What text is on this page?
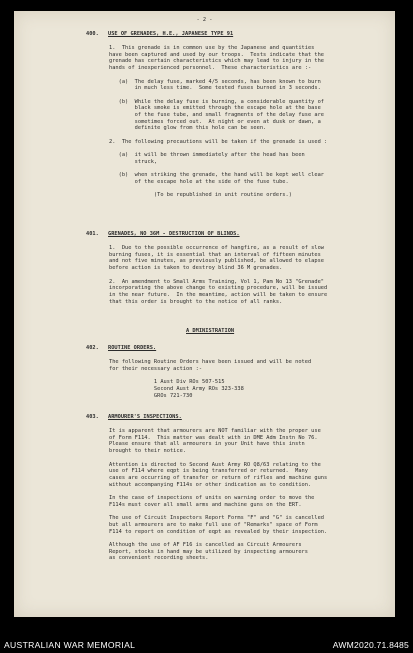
- 2 -
400. USE OF GRENADES, H.E., JAPANESE TYPE 91
1.  This grenade is in common use by the Japanese and quantities
have been captured and used by our troops.  Tests indicate that the
grenade has certain characteristics which may lead to injury in the
hands of inexperienced personnel.  These characteristics are :-

(a)  The delay fuse, marked 4/5 seconds, has been known to burn
in much less time.  Some tested fuses burned in 3 seconds.

(b)  While the delay fuse is burning, a considerable quantity of
black smoke is emitted through the escape hole at the base
of the fuse tube, and small fragments of the delay fuse are
sometimes forced out.  At night or even at dusk or dawn, a
definite glow from this hole can be seen.

2.  The following precautions will be taken if the grenade is used :

(a)  it will be thrown immediately after the head has been
struck,

(b)  when striking the grenade, the hand will be kept well clear
of the escape hole at the side of the fuse tube.

(To be republished in unit routine orders.)
401. GRENADES, NO 36M - DESTRUCTION OF BLINDS.
1.  Due to the possible occurrence of hangfire, as a result of slow
burning fuses, it is essential that an interval of fifteen minutes
and not five minutes, as previously published, be allowed to elapse
before action is taken to destroy blind 36 M grenades.

2.  An amendment to Small Arms Training, Vol 1, Pam No 13 "Grenade"
incorporating the above change to existing procedure, will be issued
in the near future.  In the meantime, action will be taken to ensure
that this order is brought to the notice of all ranks.
A DMINISTRATION
402. ROUTINE ORDERS.
The following Routine Orders have been issued and will be noted
for their necessary action :-

1 Aust Div ROs 507-515
Second Aust Army ROs 323-338
GROs 721-730
403. ARMOURER'S INSPECTIONS.
It is apparent that armourers are NOT familiar with the proper use
of Form F114.  This matter was dealt with in DME Adm Instn No 76.
Please ensure that all armourers in your Unit have this instn
brought to their notice.

Attention is directed to Second Aust Army RO Q8/63 relating to the
use of F114 where eqpt is being transferred or returned.  Many
cases are occurring of transfer or return of rifles and machine guns
without accompanying F114s or other indication as to condition.

In the case of inspections of units on warning order to move the
F114s must cover all small arms and machine guns on the ERT.

The use of Circuit Inspectors Report Forms "F" and "G" is cancelled
but all armourers are to make full use of "Remarks" space of Form
F114 to report on condition of eqpt as revealed by their inspection.

Although the use of AF F16 is cancelled as Circuit Armourers
Report, stocks in hand may be utilized by inspecting armourers
as convenient recording sheets.
AUSTRALIAN WAR MEMORIAL	AWM2020.71.8485
